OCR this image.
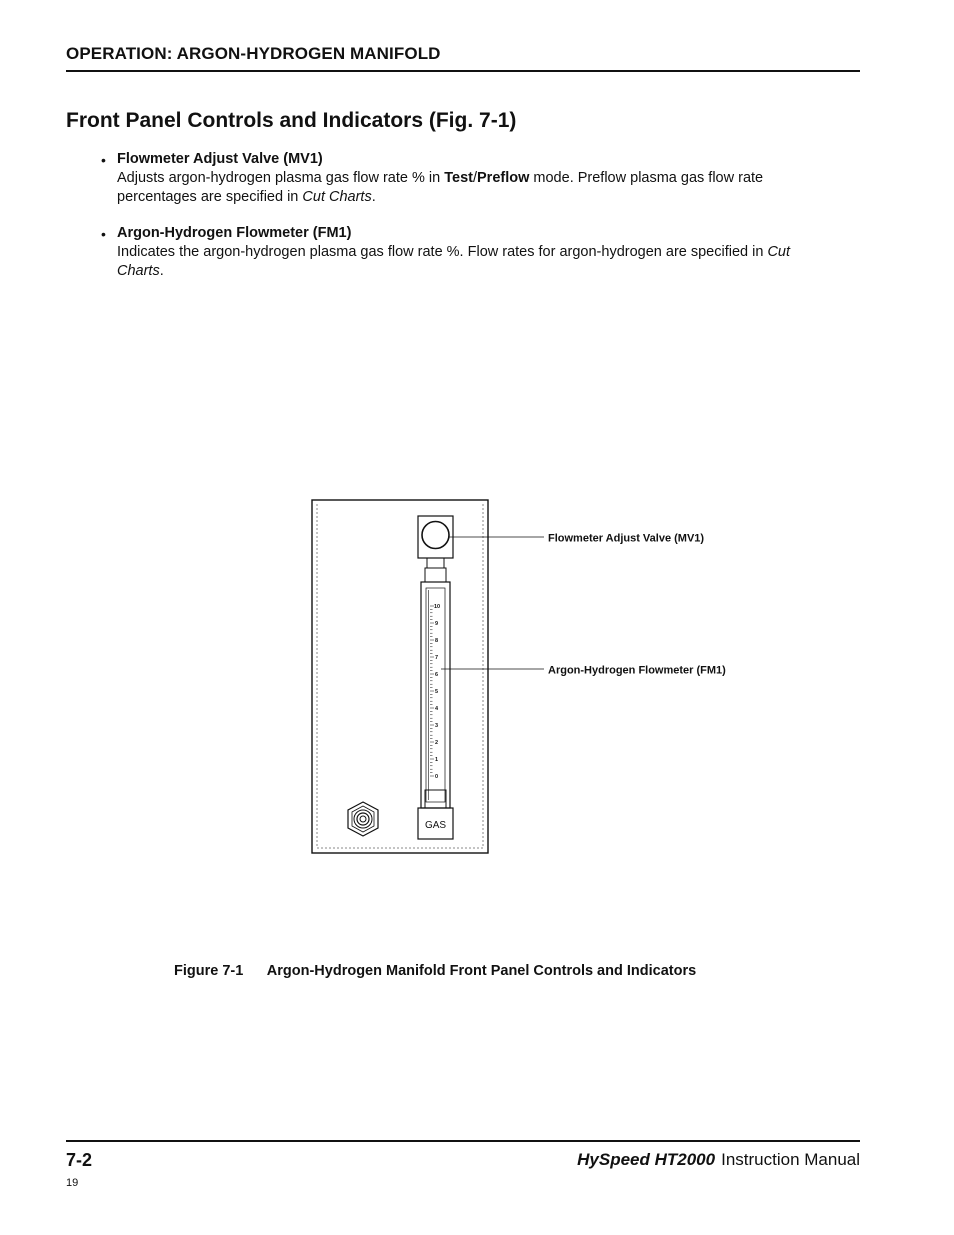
OPERATION: ARGON-HYDROGEN MANIFOLD
Front Panel Controls and Indicators (Fig. 7-1)
• Flowmeter Adjust Valve (MV1)
Adjusts argon-hydrogen plasma gas flow rate % in Test/Preflow mode. Preflow plasma gas flow rate percentages are specified in Cut Charts.
• Argon-Hydrogen Flowmeter (FM1)
Indicates the argon-hydrogen plasma gas flow rate %. Flow rates for argon-hydrogen are specified in Cut Charts.
10
9
8
7
6
5
4
3
2
1
0
GAS
Flowmeter Adjust Valve (MV1)
Argon-Hydrogen Flowmeter (FM1)
Figure 7-1 Argon-Hydrogen Manifold Front Panel Controls and Indicators
7-2	HySpeed HT2000 Instruction Manual
19
